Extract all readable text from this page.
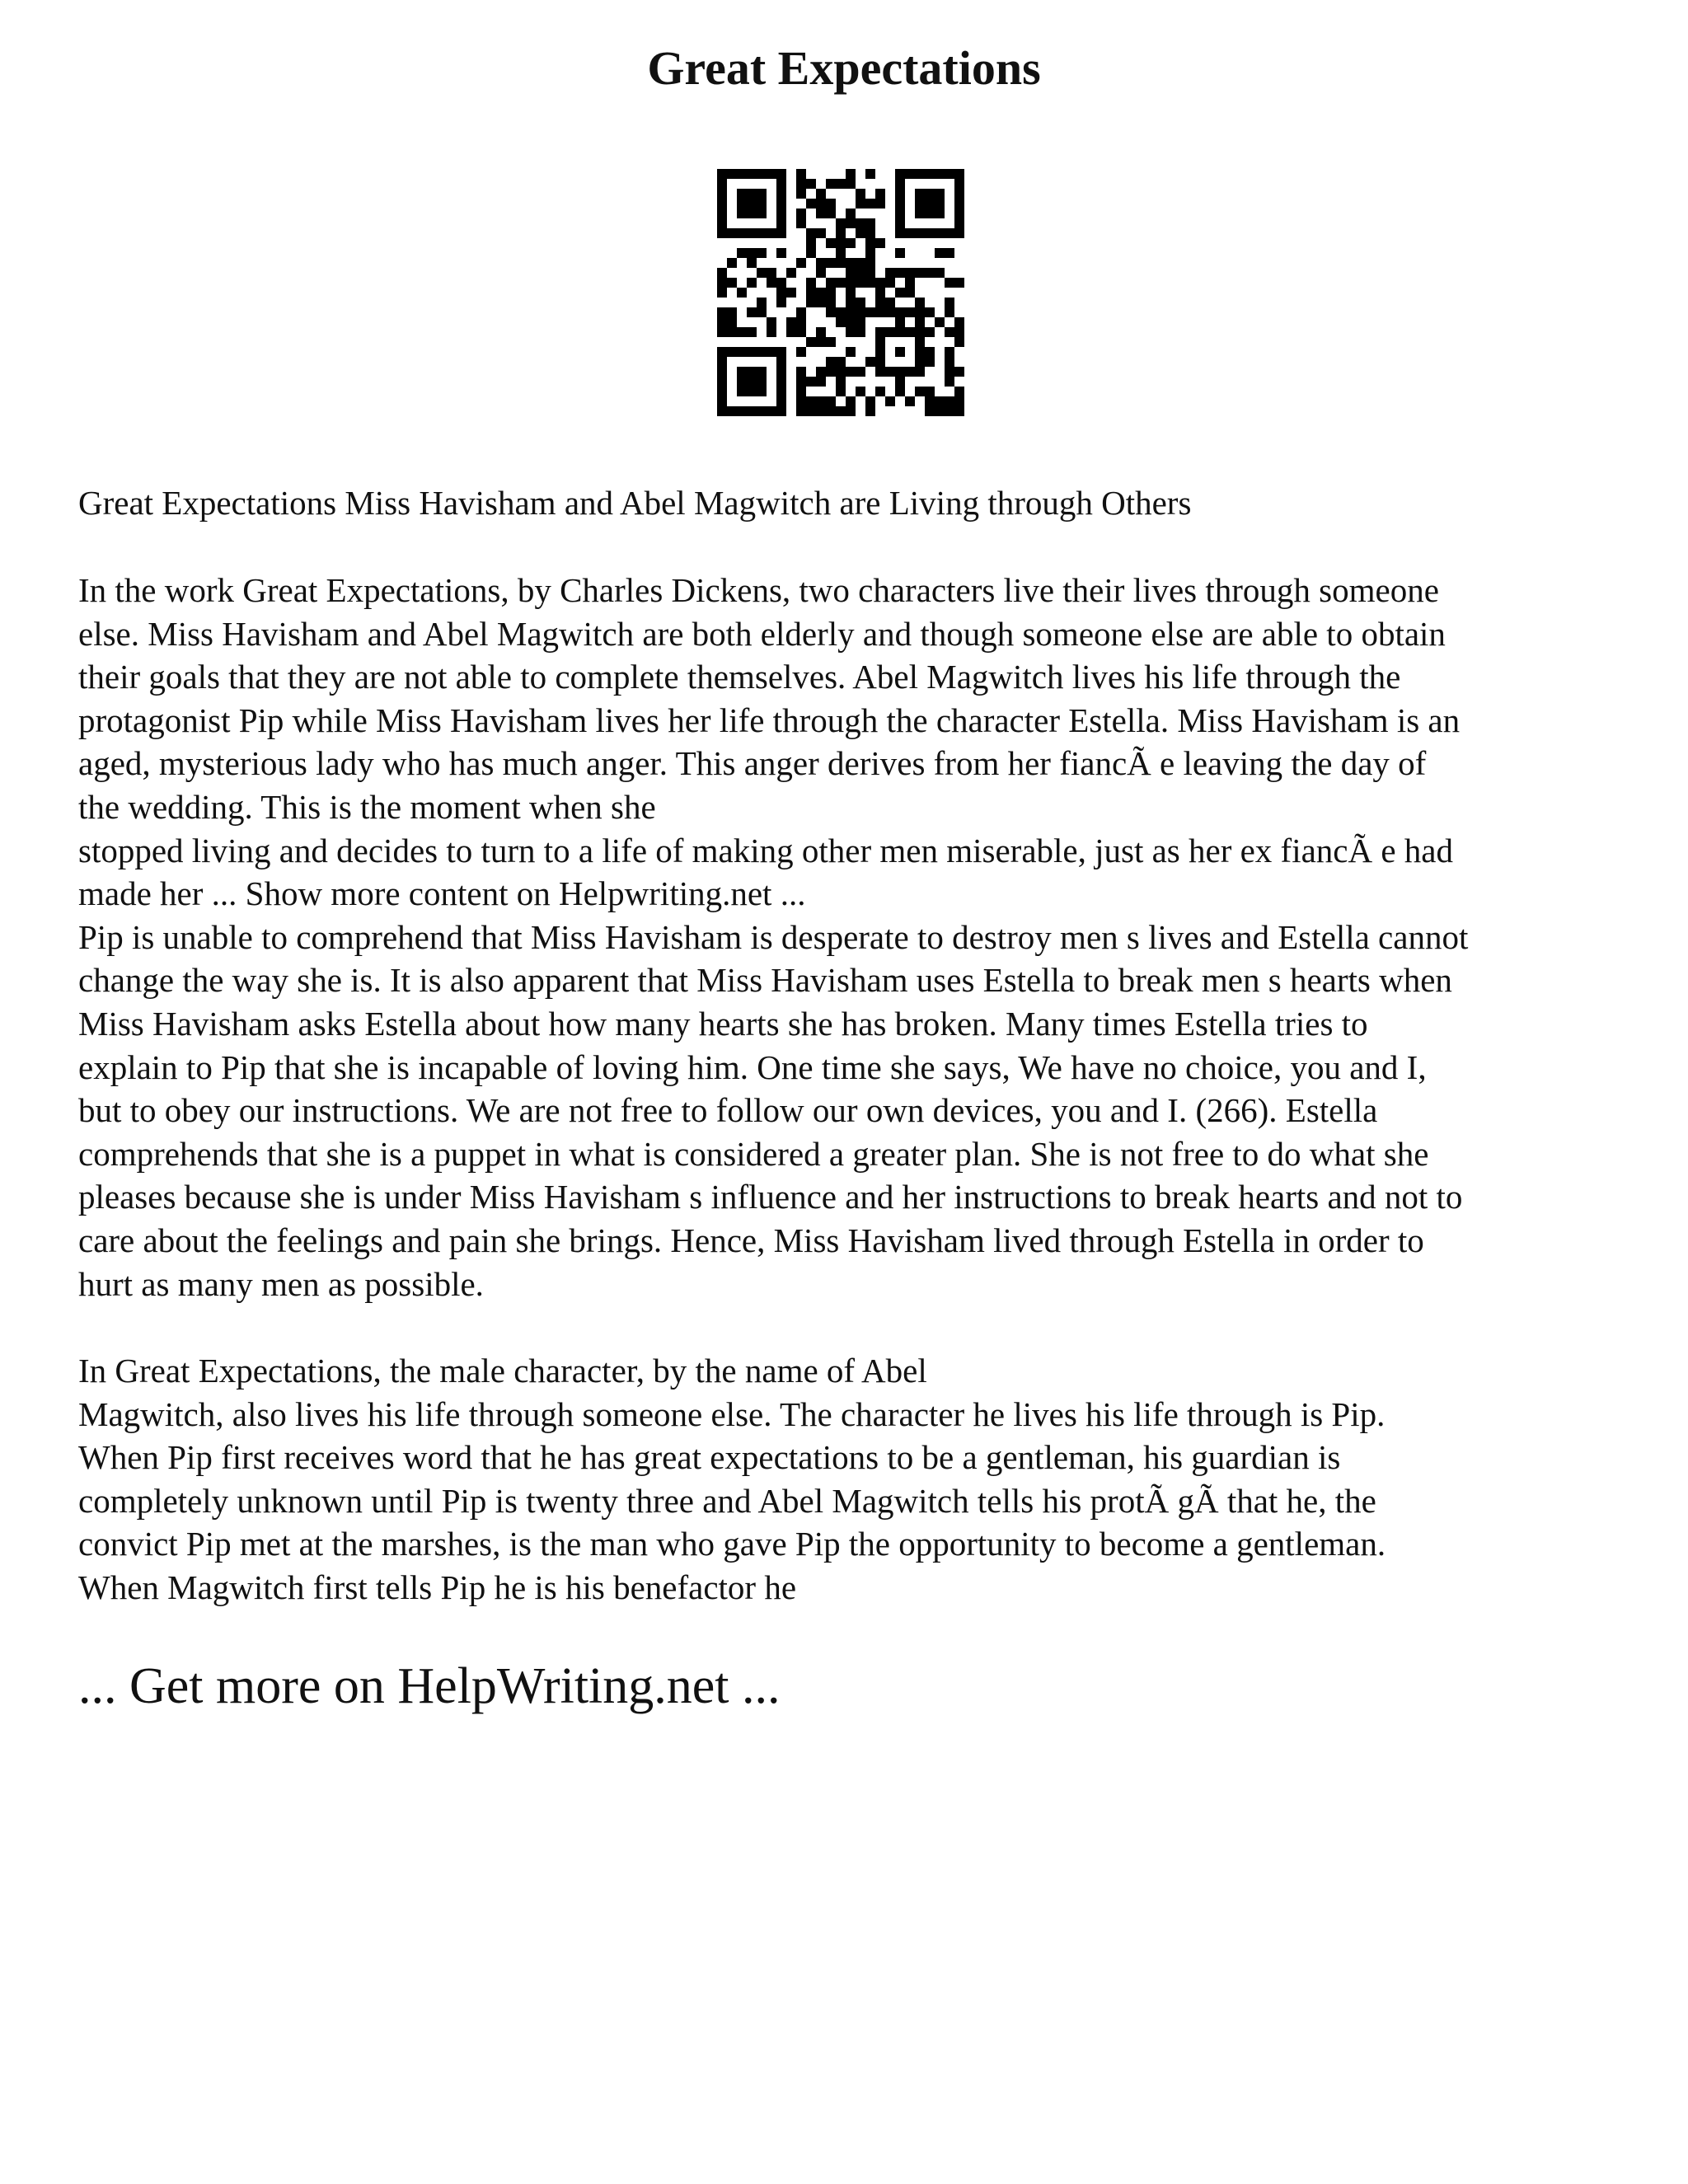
Great Expectations

Great Expectations Miss Havisham and Abel Magwitch are Living through Others

In the work Great Expectations, by Charles Dickens, two characters live their lives through someone
else. Miss Havisham and Abel Magwitch are both elderly and though someone else are able to obtain
their goals that they are not able to complete themselves. Abel Magwitch lives his life through the
protagonist Pip while Miss Havisham lives her life through the character Estella. Miss Havisham is an
aged, mysterious lady who has much anger. This anger derives from her fiancÃ e leaving the day of
the wedding. This is the moment when she
stopped living and decides to turn to a life of making other men miserable, just as her ex fiancÃ e had
made her ... Show more content on Helpwriting.net ...
Pip is unable to comprehend that Miss Havisham is desperate to destroy men s lives and Estella cannot
change the way she is. It is also apparent that Miss Havisham uses Estella to break men s hearts when
Miss Havisham asks Estella about how many hearts she has broken. Many times Estella tries to
explain to Pip that she is incapable of loving him. One time she says, We have no choice, you and I,
but to obey our instructions. We are not free to follow our own devices, you and I. (266). Estella
comprehends that she is a puppet in what is considered a greater plan. She is not free to do what she
pleases because she is under Miss Havisham s influence and her instructions to break hearts and not to
care about the feelings and pain she brings. Hence, Miss Havisham lived through Estella in order to
hurt as many men as possible.
In Great Expectations, the male character, by the name of Abel
Magwitch, also lives his life through someone else. The character he lives his life through is Pip.
When Pip first receives word that he has great expectations to be a gentleman, his guardian is
completely unknown until Pip is twenty three and Abel Magwitch tells his protÃ gÃ that he, the
convict Pip met at the marshes, is the man who gave Pip the opportunity to become a gentleman.
When Magwitch first tells Pip he is his benefactor he

... Get more on HelpWriting.net ...
